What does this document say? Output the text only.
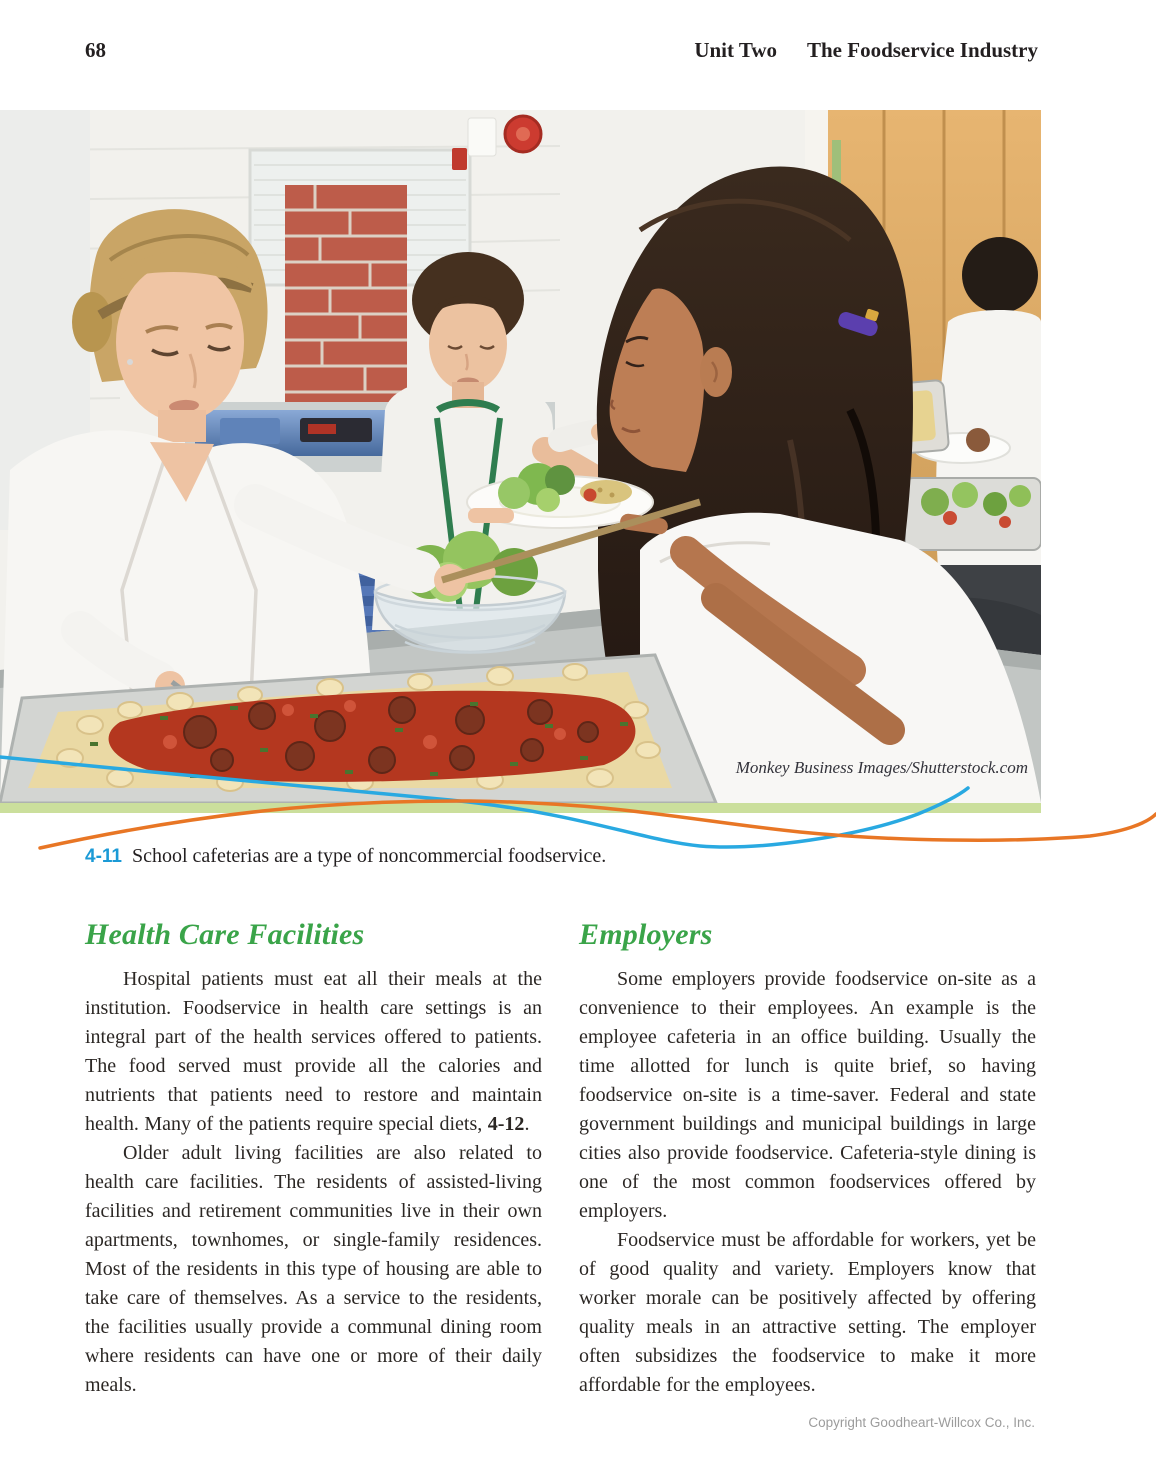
68	Unit Two The Foodservice Industry
Monkey Business Images/Shutterstock.com
4-11 School cafeterias are a type of noncommercial foodservice.
Health Care Facilities

Hospital patients must eat all their meals at the institution. Foodservice in health care settings is an integral part of the health services offered to patients. The food served must provide all the calories and nutrients that patients need to restore and maintain health. Many of the patients require special diets, 4-12.

Older adult living facilities are also related to health care facilities. The residents of assisted-living facilities and retirement communities live in their own apartments, townhomes, or single-family residences. Most of the residents in this type of housing are able to take care of themselves. As a service to the residents, the facilities usually provide a communal dining room where residents can have one or more of their daily meals.

Employers

Some employers provide foodservice on-site as a convenience to their employees. An example is the employee cafeteria in an office building. Usually the time allotted for lunch is quite brief, so having foodservice on-site is a time-saver. Federal and state government buildings and municipal buildings in large cities also provide foodservice. Cafeteria-style dining is one of the most common foodservices offered by employers.

Foodservice must be affordable for workers, yet be of good quality and variety. Employers know that worker morale can be positively affected by offering quality meals in an attractive setting. The employer often subsidizes the foodservice to make it more affordable for the employees.

Copyright Goodheart-Willcox Co., Inc.
